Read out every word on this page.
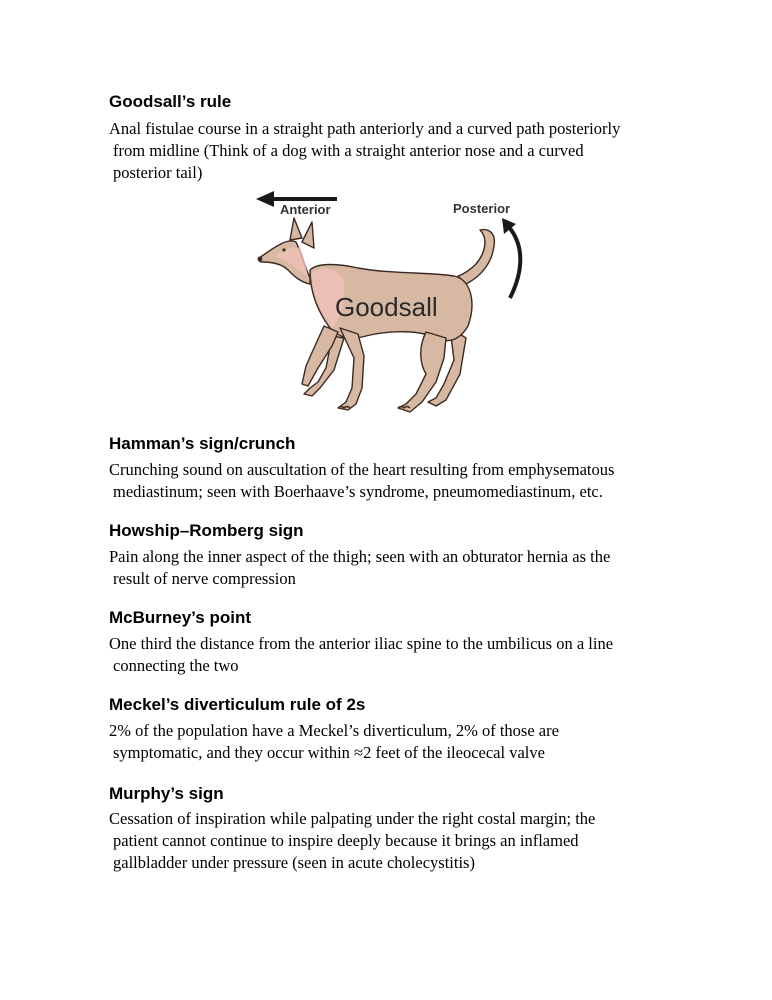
Goodsall’s rule

Anal fistulae course in a straight path anteriorly and a curved path posteriorly
from midline (Think of a dog with a straight anterior nose and a curved
posterior tail)

Anterior	Posterior
Goodsall
Hamman’s sign/crunch

Crunching sound on auscultation of the heart resulting from emphysematous
mediastinum; seen with Boerhaave’s syndrome, pneumomediastinum, etc.

Howship–Romberg sign

Pain along the inner aspect of the thigh; seen with an obturator hernia as the
result of nerve compression

McBurney’s point

One third the distance from the anterior iliac spine to the umbilicus on a line
connecting the two

Meckel’s diverticulum rule of 2s

2% of the population have a Meckel’s diverticulum, 2% of those are
symptomatic, and they occur within ≈2 feet of the ileocecal valve

Murphy’s sign

Cessation of inspiration while palpating under the right costal margin; the
patient cannot continue to inspire deeply because it brings an inflamed
gallbladder under pressure (seen in acute cholecystitis)
